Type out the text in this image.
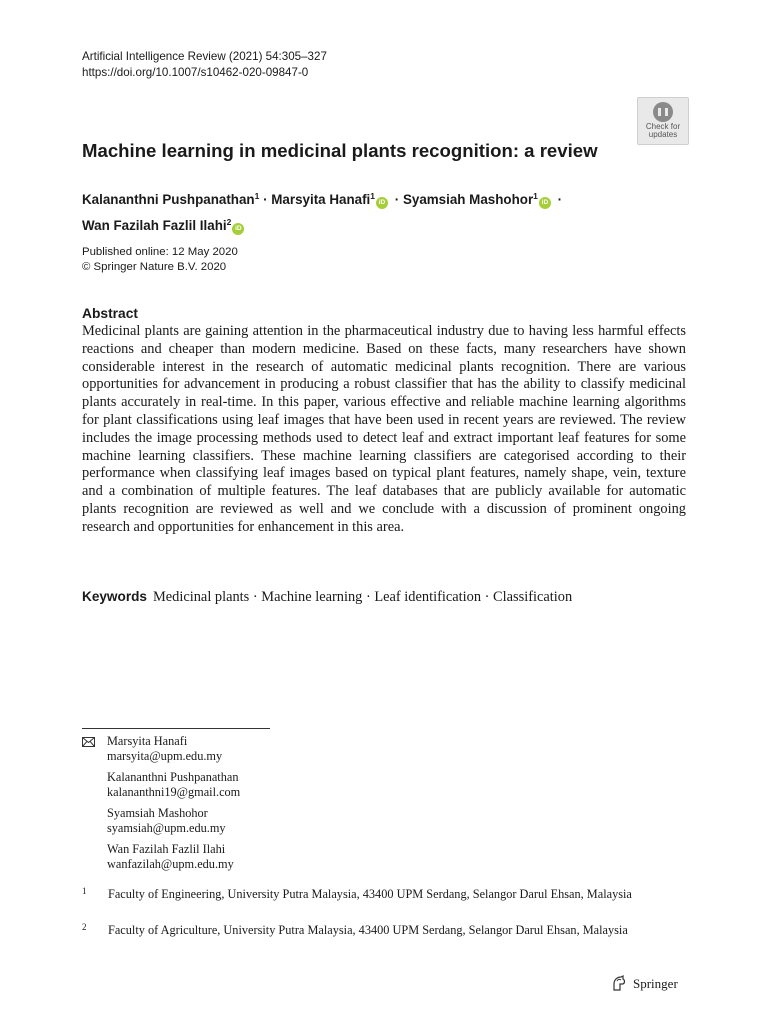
Artificial Intelligence Review (2021) 54:305–327
https://doi.org/10.1007/s10462-020-09847-0
Check for
updates
Machine learning in medicinal plants recognition: a review
Kalananthni Pushpanathan$^1$ · Marsyita Hanafi$^1$iD · Syamsiah Mashohor$^1$iD ·
Wan Fazilah Fazlil Ilahi$^2$iD
Published online: 12 May 2020
© Springer Nature B.V. 2020
Abstract
Medicinal plants are gaining attention in the pharmaceutical industry due to having less harmful effects reactions and cheaper than modern medicine. Based on these facts, many researchers have shown considerable interest in the research of automatic medicinal plants recognition. There are various opportunities for advancement in producing a robust classifier that has the ability to classify medicinal plants accurately in real-time. In this paper, various effective and reliable machine learning algorithms for plant classifications using leaf images that have been used in recent years are reviewed. The review includes the image processing methods used to detect leaf and extract important leaf features for some machine learning classifiers. These machine learning classifiers are categorised according to their performance when classifying leaf images based on typical plant features, namely shape, vein, texture and a combination of multiple features. The leaf databases that are publicly available for automatic plants recognition are reviewed as well and we conclude with a discussion of prominent ongoing research and opportunities for enhancement in this area.
Keywords Medicinal plants · Machine learning · Leaf identification · Classification
Marsyita Hanafi
marsyita@upm.edu.my
Kalananthni Pushpanathan
kalananthni19@gmail.com
Syamsiah Mashohor
syamsiah@upm.edu.my
Wan Fazilah Fazlil Ilahi
wanfazilah@upm.edu.my
1 Faculty of Engineering, University Putra Malaysia, 43400 UPM Serdang, Selangor Darul Ehsan, Malaysia
2 Faculty of Agriculture, University Putra Malaysia, 43400 UPM Serdang, Selangor Darul Ehsan, Malaysia
Springer
